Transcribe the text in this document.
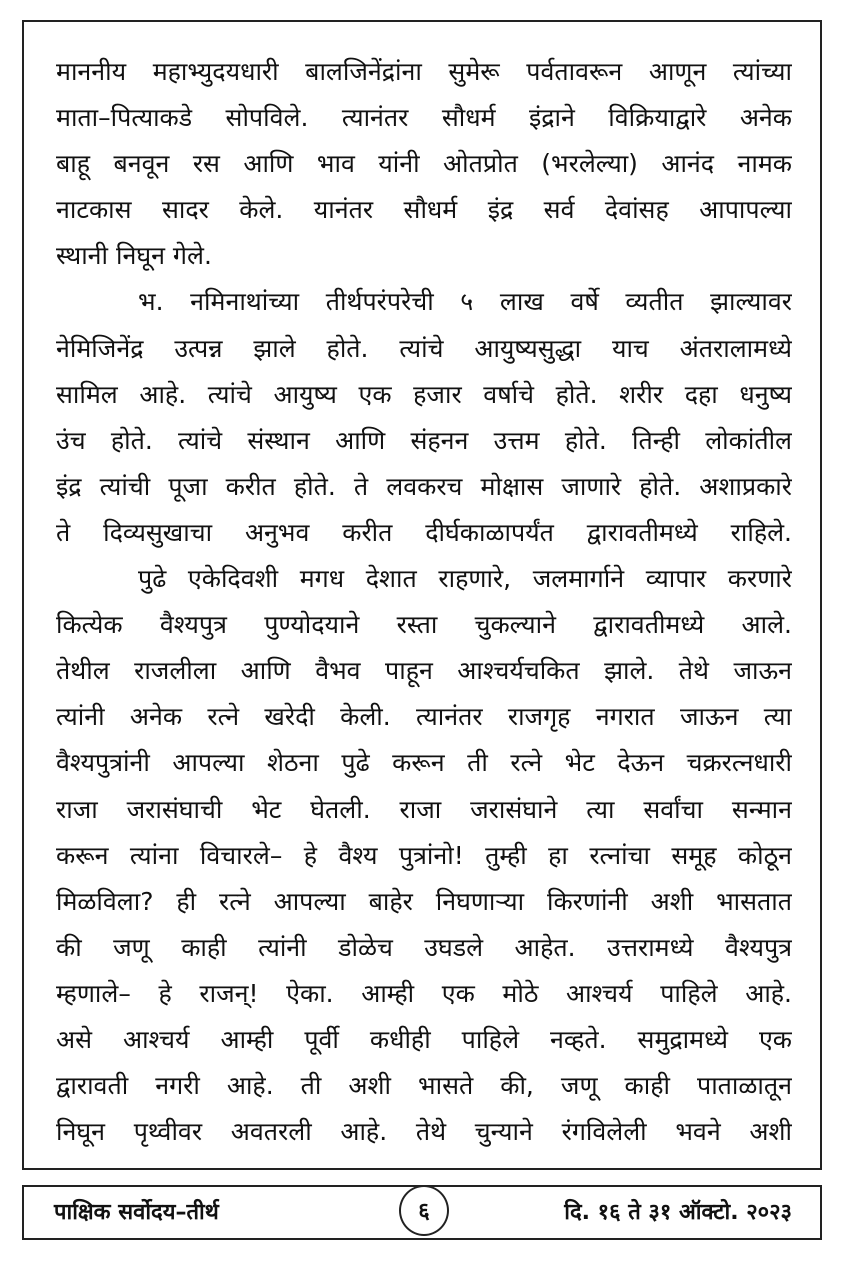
माननीय महाभ्युदयधारी बालजिनेंद्रांना सुमेरू पर्वतावरून आणून त्यांच्या
माता–पित्याकडे सोपविले. त्यानंतर सौधर्म इंद्राने विक्रियाद्वारे अनेक
बाहू बनवून रस आणि भाव यांनी ओतप्रोत (भरलेल्या) आनंद नामक
नाटकास सादर केले. यानंतर सौधर्म इंद्र सर्व देवांसह आपापल्या
स्थानी निघून गेले.
भ. नमिनाथांच्या तीर्थपरंपरेची ५ लाख वर्षे व्यतीत झाल्यावर
नेमिजिनेंद्र उत्पन्न झाले होते. त्यांचे आयुष्यसुद्धा याच अंतरालामध्ये
सामिल आहे. त्यांचे आयुष्य एक हजार वर्षाचे होते. शरीर दहा धनुष्य
उंच होते. त्यांचे संस्थान आणि संहनन उत्तम होते. तिन्ही लोकांतील
इंद्र त्यांची पूजा करीत होते. ते लवकरच मोक्षास जाणारे होते. अशाप्रकारे
ते दिव्यसुखाचा अनुभव करीत दीर्घकाळापर्यंत द्वारावतीमध्ये राहिले.
पुढे एकेदिवशी मगध देशात राहणारे, जलमार्गाने व्यापार करणारे
कित्येक वैश्यपुत्र पुण्योदयाने रस्ता चुकल्याने द्वारावतीमध्ये आले.
तेथील राजलीला आणि वैभव पाहून आश्चर्यचकित झाले. तेथे जाऊन
त्यांनी अनेक रत्ने खरेदी केली. त्यानंतर राजगृह नगरात जाऊन त्या
वैश्यपुत्रांनी आपल्या शेठना पुढे करून ती रत्ने भेट देऊन चक्ररत्नधारी
राजा जरासंघाची भेट घेतली. राजा जरासंघाने त्या सर्वांचा सन्मान
करून त्यांना विचारले– हे वैश्य पुत्रांनो! तुम्ही हा रत्नांचा समूह कोठून
मिळविला? ही रत्ने आपल्या बाहेर निघणाऱ्या किरणांनी अशी भासतात
की जणू काही त्यांनी डोळेच उघडले आहेत. उत्तरामध्ये वैश्यपुत्र
म्हणाले– हे राजन्! ऐका. आम्ही एक मोठे आश्चर्य पाहिले आहे.
असे आश्चर्य आम्ही पूर्वी कधीही पाहिले नव्हते. समुद्रामध्ये एक
द्वारावती नगरी आहे. ती अशी भासते की, जणू काही पाताळातून
निघून पृथ्वीवर अवतरली आहे. तेथे चुन्याने रंगविलेली भवने अशी
पाक्षिक सर्वोदय–तीर्थ	६	दि. १६ ते ३१ ऑक्टो. २०२३
